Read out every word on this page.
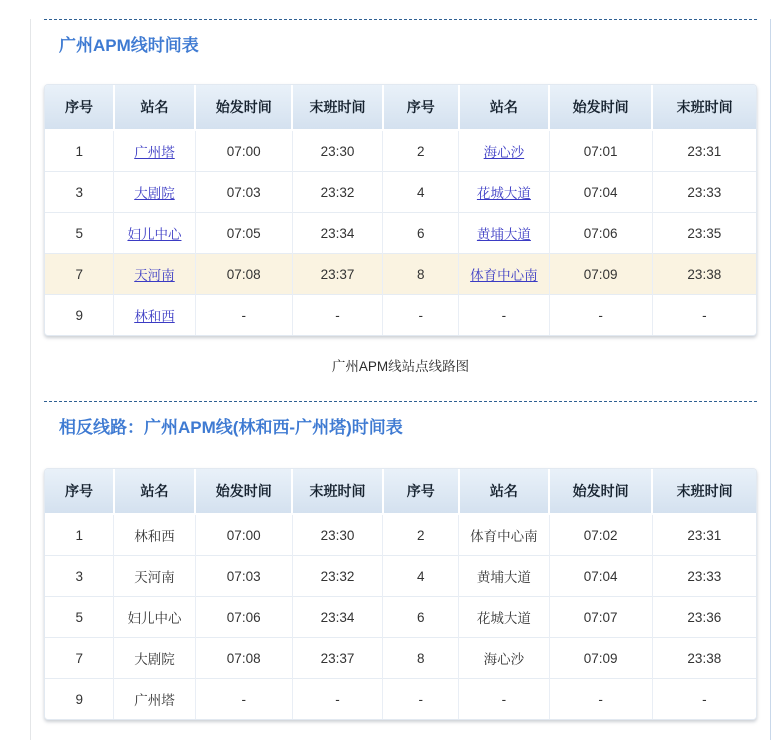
广州APM线时间表
序号	站名	始发时间	末班时间	序号	站名	始发时间	末班时间
1	广州塔	07:00	23:30	2	海心沙	07:01	23:31
3	大剧院	07:03	23:32	4	花城大道	07:04	23:33
5	妇儿中心	07:05	23:34	6	黄埔大道	07:06	23:35
7	天河南	07:08	23:37	8	体育中心南	07:09	23:38
9	林和西	-	-	-	-	-	-

广州APM线站点线路图

相反线路：广州APM线(林和西-广州塔)时间表
序号	站名	始发时间	末班时间	序号	站名	始发时间	末班时间
1	林和西	07:00	23:30	2	体育中心南	07:02	23:31
3	天河南	07:03	23:32	4	黄埔大道	07:04	23:33
5	妇儿中心	07:06	23:34	6	花城大道	07:07	23:36
7	大剧院	07:08	23:37	8	海心沙	07:09	23:38
9	广州塔	-	-	-	-	-	-
